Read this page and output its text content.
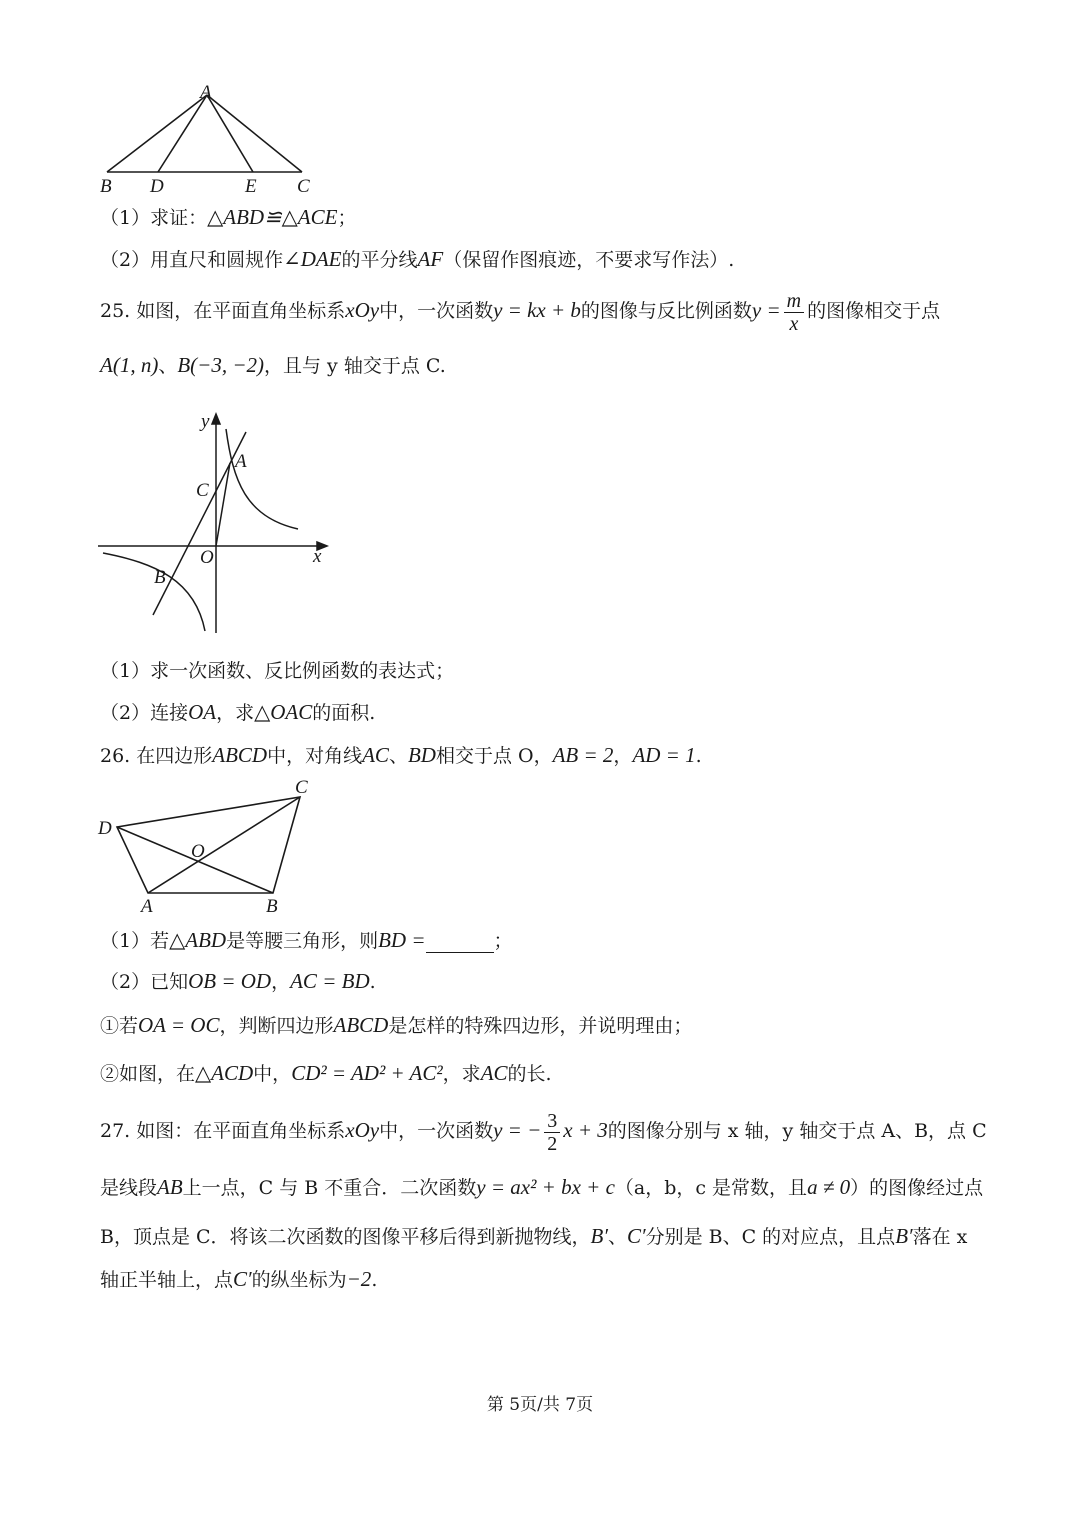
A
B D	E C
（1）求证：△ABD≌△ACE；
（2）用直尺和圆规作∠DAE的平分线AF（保留作图痕迹，不要求写作法）.
25. 如图，在平面直角坐标系xOy中，一次函数y = kx + b的图像与反比例函数$y = \frac{m}{x}$ 的图像相交于点
A(1, n)、B(−3, −2)，且与 y 轴交于点 C.
y
x
A
C
O
B
（1）求一次函数、反比例函数的表达式；
（2）连接OA，求△OAC的面积.
26. 在四边形ABCD中，对角线AC、BD相交于点 O，AB = 2，AD = 1.
C
D
O
A	B
（1）若△ABD是等腰三角形，则BD =	；
（2）已知OB = OD，AC = BD.
①若OA = OC，判断四边形ABCD是怎样的特殊四边形，并说明理由；
②如图，在△ACD中，CD² = AD² + AC²，求AC的长.
27. 如图：在平面直角坐标系xOy中，一次函数y = − $\frac{3}{2}$ x + 3的图像分别与 x 轴，y 轴交于点 A、B，点 C
是线段AB上一点，C 与 B 不重合．二次函数y = ax² + bx + c（a，b，c 是常数，且a ≠ 0）的图像经过点
B，顶点是 C．将该二次函数的图像平移后得到新抛物线，B′、C′分别是 B、C 的对应点，且点B′落在 x
轴正半轴上，点C′的纵坐标为−2.
第 5页/共 7页
